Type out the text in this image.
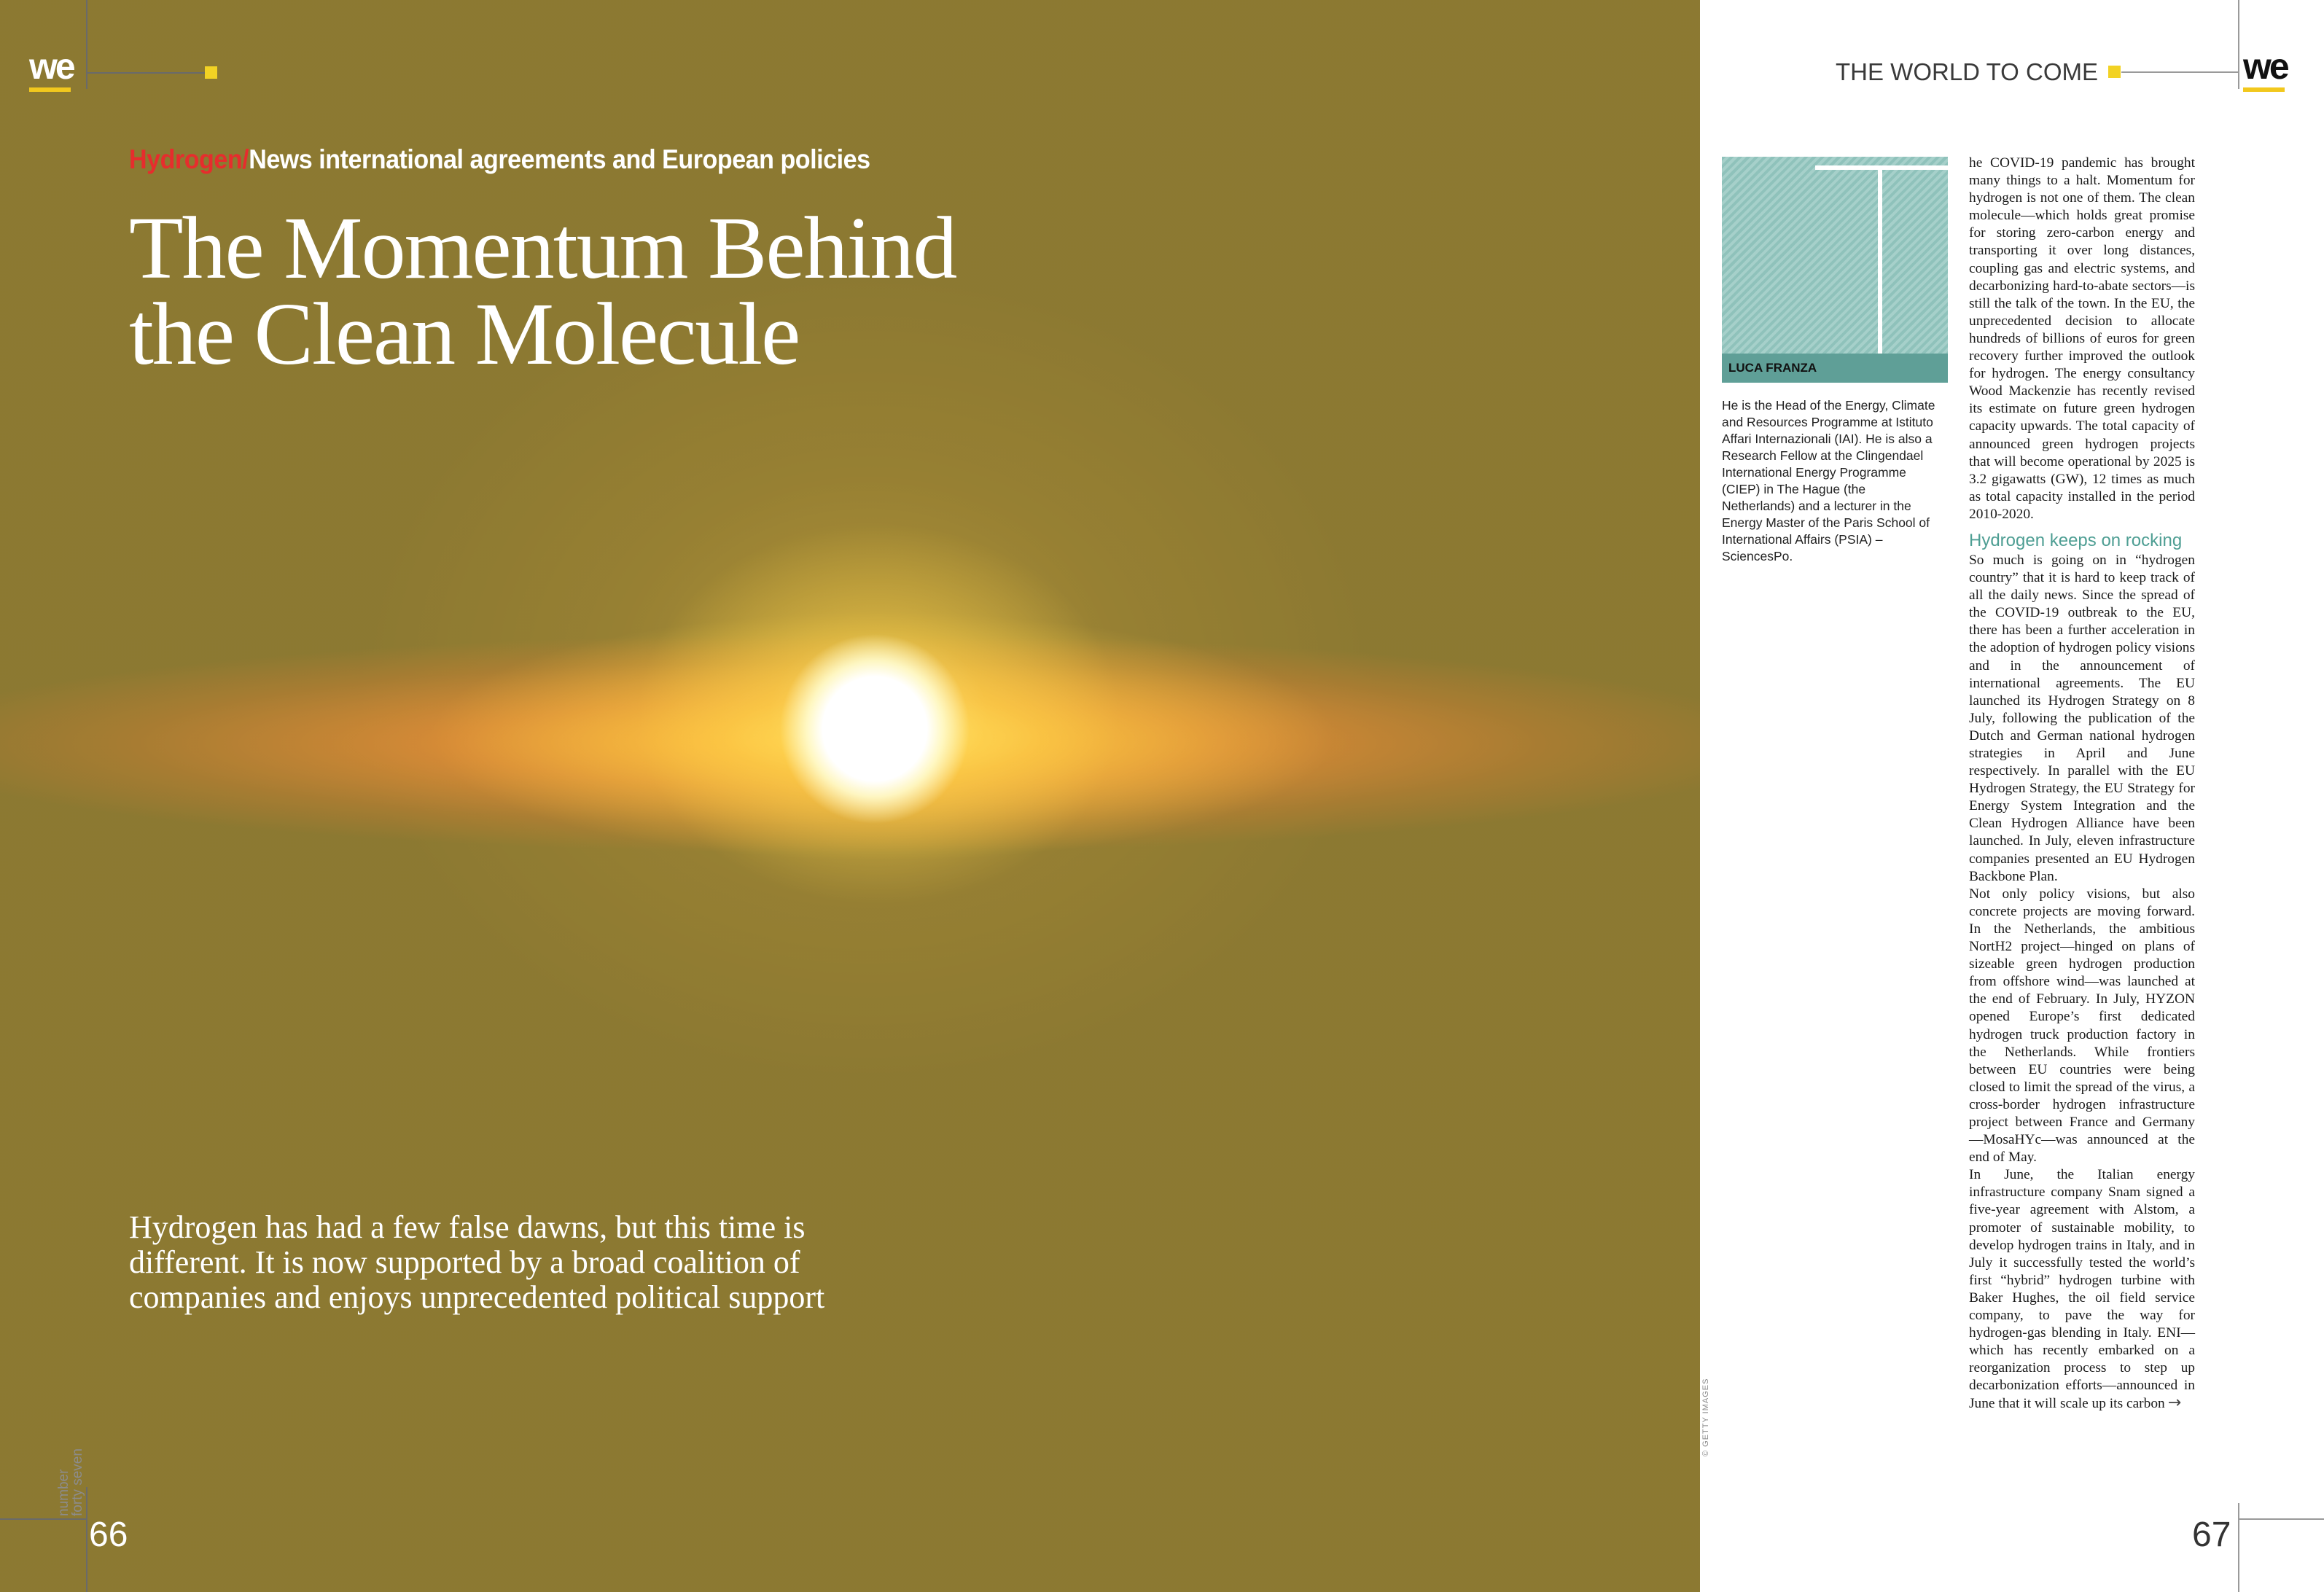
we
Hydrogen/News international agreements and European policies
The Momentum Behind
the Clean Molecule

Hydrogen has had a few false dawns, but this time is different. It is now supported by a broad coalition of companies and enjoys unprecedented political support

number
forty seven
66
THE WORLD TO COME	we
LUCA FRANZA

He is the Head of the Energy, Climate and Resources Programme at Istituto Affari Internazionali (IAI). He is also a Research Fellow at the Clingendael International Energy Programme (CIEP) in The Hague (the Netherlands) and a lecturer in the Energy Master of the Paris School of International Affairs (PSIA) – SciencesPo.

© GETTY IMAGES

he COVID-19 pandemic has brought many things to a halt. Momentum for hydrogen is not one of them. The clean molecule—which holds great promise for storing zero-carbon energy and transporting it over long distances, coupling gas and electric systems, and decarbonizing hard-to-abate sectors—is still the talk of the town. In the EU, the unprecedented decision to allocate hundreds of billions of euros for green recovery further improved the outlook for hydrogen. The energy consultancy Wood Mackenzie has recently revised its estimate on future green hydrogen capacity upwards. The total capacity of announced green hydrogen projects that will become operational by 2025 is 3.2 gigawatts (GW), 12 times as much as total capacity installed in the period 2010-2020.

Hydrogen keeps on rocking

So much is going on in “hydrogen country” that it is hard to keep track of all the daily news. Since the spread of the COVID-19 outbreak to the EU, there has been a further acceleration in the adoption of hydrogen policy visions and in the announcement of international agreements. The EU launched its Hydrogen Strategy on 8 July, following the publication of the Dutch and German national hydrogen strategies in April and June respectively. In parallel with the EU Hydrogen Strategy, the EU Strategy for Energy System Integration and the Clean Hydrogen Alliance have been launched. In July, eleven infrastructure companies presented an EU Hydrogen Backbone Plan.

Not only policy visions, but also concrete projects are moving forward. In the Netherlands, the ambitious NortH2 project—hinged on plans of sizeable green hydrogen production from offshore wind—was launched at the end of February. In July, HYZON opened Europe’s first dedicated hydrogen truck production factory in the Netherlands. While frontiers between EU countries were being closed to limit the spread of the virus, a cross-border hydrogen infrastructure project between France and Germany—MosaHYc—was announced at the end of May.

In June, the Italian energy infrastructure company Snam signed a five-year agreement with Alstom, a promoter of sustainable mobility, to develop hydrogen trains in Italy, and in July it successfully tested the world’s first “hybrid” hydrogen turbine with Baker Hughes, the oil field service company, to pave the way for hydrogen-gas blending in Italy. ENI—which has recently embarked on a reorganization process to step up decarbonization efforts—announced in June that it will scale up its carbon →

67
